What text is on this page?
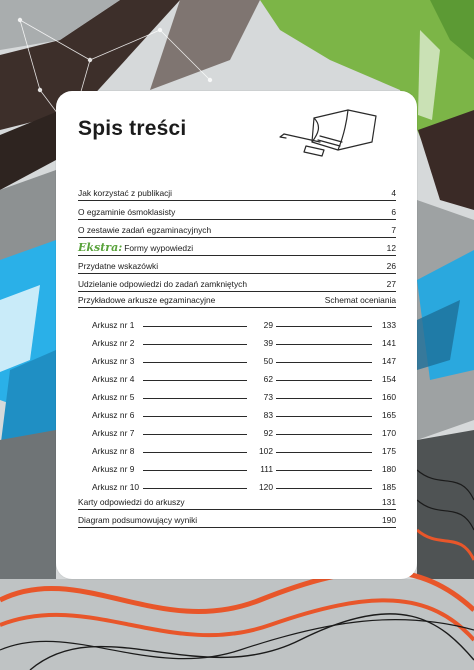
Spis treści
Jak korzystać z publikacji	4
O egzaminie ósmoklasisty	6
O zestawie zadań egzaminacyjnych	7
Ekstra: Formy wypowiedzi	12
Przydatne wskazówki	26
Udzielanie odpowiedzi do zadań zamkniętych	27
Przykładowe arkusze egzaminacyjne	Schemat oceniania
Arkusz nr 1	29	133
Arkusz nr 2	39	141
Arkusz nr 3	50	147
Arkusz nr 4	62	154
Arkusz nr 5	73	160
Arkusz nr 6	83	165
Arkusz nr 7	92	170
Arkusz nr 8	102	175
Arkusz nr 9	111	180
Arkusz nr 10	120	185
Karty odpowiedzi do arkuszy	131
Diagram podsumowujący wyniki	190
